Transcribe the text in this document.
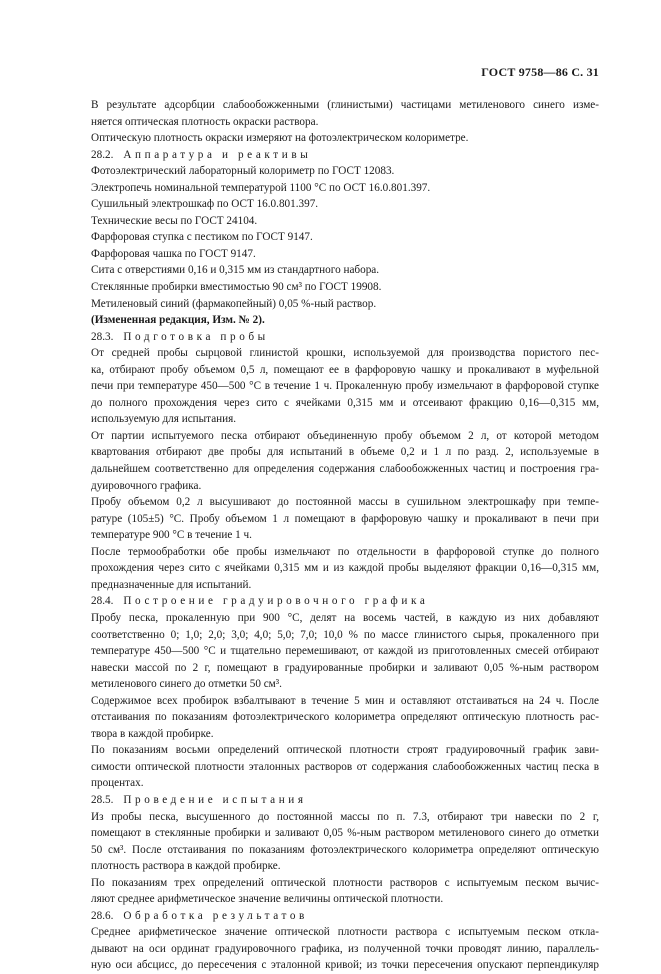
ГОСТ 9758—86 С. 31
В результате адсорбции слабообожженными (глинистыми) частицами метиленового синего изме-
няется оптическая плотность окраски раствора.
Оптическую плотность окраски измеряют на фотоэлектрическом колориметре.
28.2. Аппаратура и реактивы
Фотоэлектрический лабораторный колориметр по ГОСТ 12083.
Электропечь номинальной температурой 1100 °С по ОСТ 16.0.801.397.
Сушильный электрошкаф по ОСТ 16.0.801.397.
Технические весы по ГОСТ 24104.
Фарфоровая ступка с пестиком по ГОСТ 9147.
Фарфоровая чашка по ГОСТ 9147.
Сита с отверстиями 0,16 и 0,315 мм из стандартного набора.
Стеклянные пробирки вместимостью 90 см³ по ГОСТ 19908.
Метиленовый синий (фармакопейный) 0,05 %-ный раствор.
(Измененная редакция, Изм. № 2).
28.3. Подготовка пробы
От средней пробы сырцовой глинистой крошки, используемой для производства пористого пес-
ка, отбирают пробу объемом 0,5 л, помещают ее в фарфоровую чашку и прокаливают в муфельной
печи при температуре 450—500 °С в течение 1 ч. Прокаленную пробу измельчают в фарфоровой ступке
до полного прохождения через сито с ячейками 0,315 мм и отсеивают фракцию 0,16—0,315 мм,
используемую для испытания.
От партии испытуемого песка отбирают объединенную пробу объемом 2 л, от которой методом
квартования отбирают две пробы для испытаний в объеме 0,2 и 1 л по разд. 2, используемые в
дальнейшем соответственно для определения содержания слабообожженных частиц и построения гра-
дуировочного графика.
Пробу объемом 0,2 л высушивают до постоянной массы в сушильном электрошкафу при темпе-
ратуре (105±5) °С. Пробу объемом 1 л помещают в фарфоровую чашку и прокаливают в печи при
температуре 900 °С в течение 1 ч.
После термообработки обе пробы измельчают по отдельности в фарфоровой ступке до полного
прохождения через сито с ячейками 0,315 мм и из каждой пробы выделяют фракции 0,16—0,315 мм,
предназначенные для испытаний.
28.4. Построение градуировочного графика
Пробу песка, прокаленную при 900 °С, делят на восемь частей, в каждую из них добавляют
соответственно 0; 1,0; 2,0; 3,0; 4,0; 5,0; 7,0; 10,0 % по массе глинистого сырья, прокаленного при
температуре 450—500 °С и тщательно перемешивают, от каждой из приготовленных смесей отбирают
навески массой по 2 г, помещают в градуированные пробирки и заливают 0,05 %-ным раствором
метиленового синего до отметки 50 см³.
Содержимое всех пробирок взбалтывают в течение 5 мин и оставляют отстаиваться на 24 ч. После
отстаивания по показаниям фотоэлектрического колориметра определяют оптическую плотность рас-
твора в каждой пробирке.
По показаниям восьми определений оптической плотности строят градуировочный график зави-
симости оптической плотности эталонных растворов от содержания слабообожженных частиц песка в
процентах.
28.5. Проведение испытания
Из пробы песка, высушенного до постоянной массы по п. 7.3, отбирают три навески по 2 г,
помещают в стеклянные пробирки и заливают 0,05 %-ным раствором метиленового синего до отметки
50 см³. После отстаивания по показаниям фотоэлектрического колориметра определяют оптическую
плотность раствора в каждой пробирке.
По показаниям трех определений оптической плотности растворов с испытуемым песком вычис-
ляют среднее арифметическое значение величины оптической плотности.
28.6. Обработка результатов
Среднее арифметическое значение оптической плотности раствора с испытуемым песком откла-
дывают на оси ординат градуировочного графика, из полученной точки проводят линию, параллель-
ную оси абсцисс, до пересечения с эталонной кривой; из точки пересечения опускают перпендикуляр
